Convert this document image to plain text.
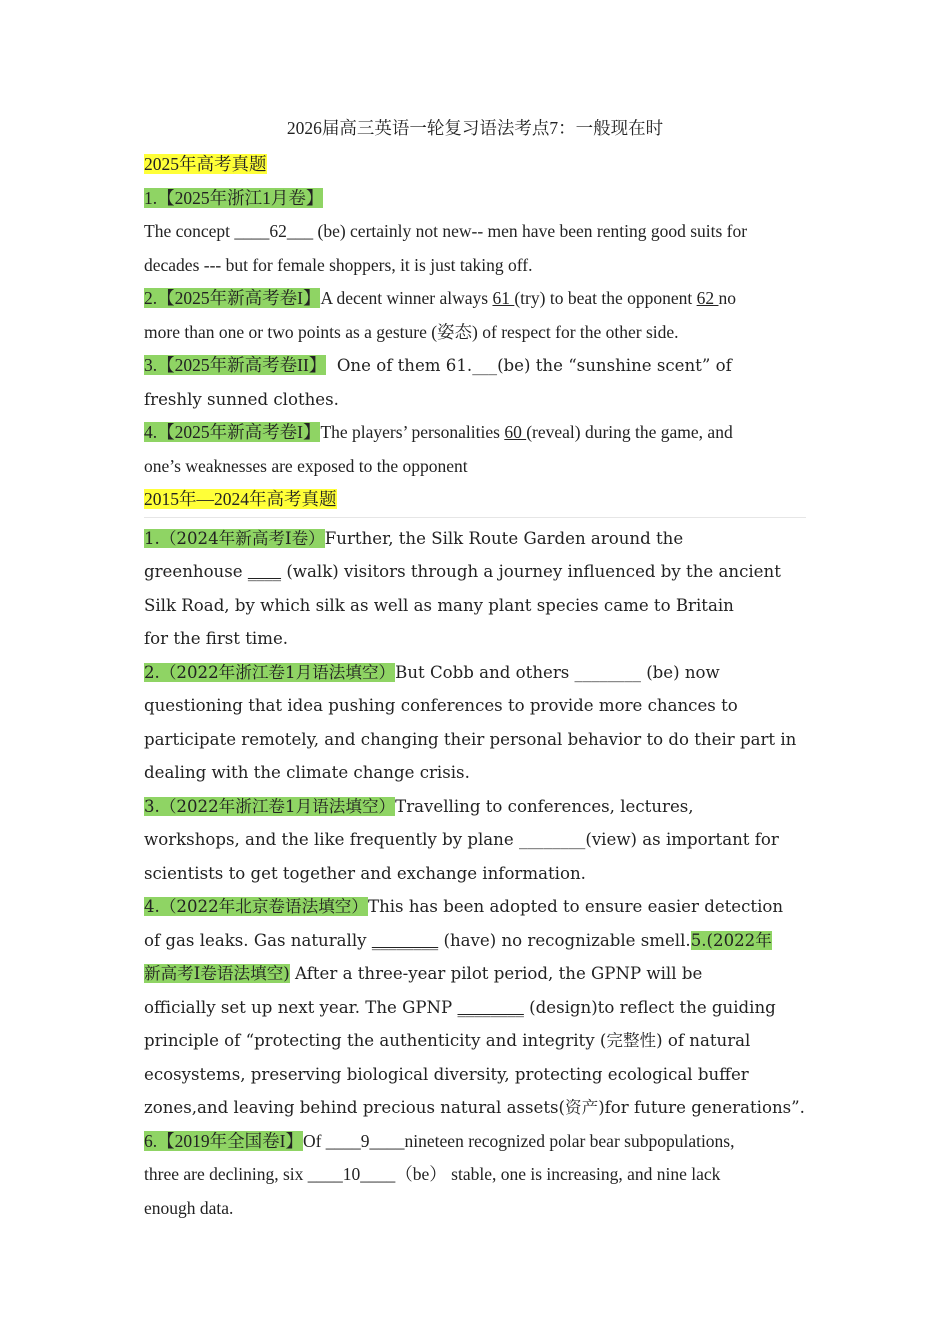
2026届高三英语一轮复习语法考点7：一般现在时
2025年高考真题
1.【2025年浙江1月卷】
The concept ____62___ (be) certainly not new-- men have been renting good suits for
decades --- but for female shoppers, it is just taking off.
2.【2025年新高考卷I】A decent winner always 61 (try) to beat the opponent 62 no
more than one or two points as a gesture (姿态) of respect for the other side.
3.【2025年新高考卷II】  One of them 61.___(be) the “sunshine scent” of
freshly sunned clothes.
4.【2025年新高考卷I】The players’ personalities 60 (reveal) during the game, and
one’s weaknesses are exposed to the opponent
2015年—2024年高考真题
1.（2024年新高考I卷）Further, the Silk Route Garden around the
greenhouse ____ (walk) visitors through a journey influenced by the ancient
Silk Road, by which silk as well as many plant species came to Britain
for the first time.
2.（2022年浙江卷1月语法填空）But Cobb and others ________ (be) now
questioning that idea pushing conferences to provide more chances to
participate remotely, and changing their personal behavior to do their part in
dealing with the climate change crisis.
3.（2022年浙江卷1月语法填空）Travelling to conferences, lectures,
workshops, and the like frequently by plane ________(view) as important for
scientists to get together and exchange information.
4.（2022年北京卷语法填空）This has been adopted to ensure easier detection
of gas leaks. Gas naturally ________ (have) no recognizable smell.5.(2022年
新高考I卷语法填空) After a three-year pilot period, the GPNP will be
officially set up next year. The GPNP ________ (design)to reflect the guiding
principle of “protecting the authenticity and integrity (完整性) of natural
ecosystems, preserving biological diversity, protecting ecological buffer
zones,and leaving behind precious natural assets(资产)for future generations”.
6.【2019年全国卷I】Of ____9____nineteen recognized polar bear subpopulations,
three are declining, six ____10____（be） stable, one is increasing, and nine lack
enough data.
